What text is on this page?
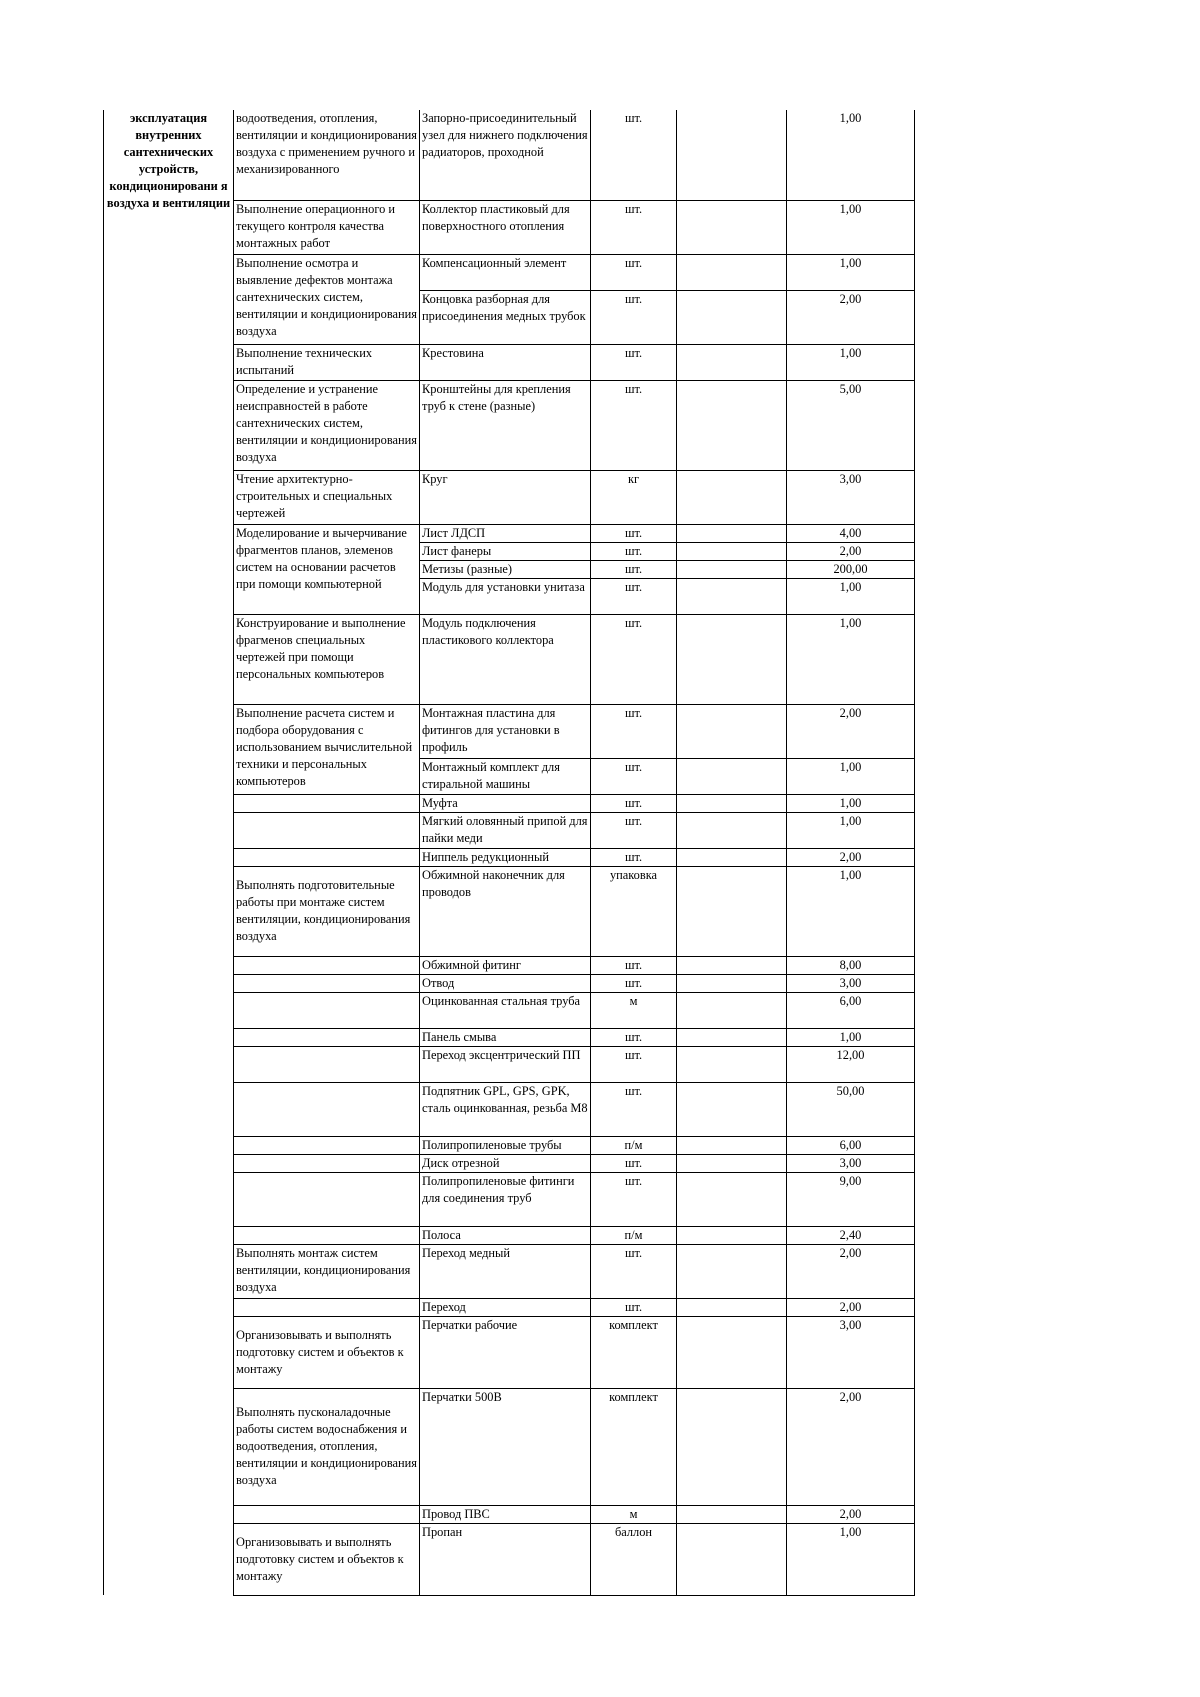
эксплуатация внутренних сантехнических устройств, кондиционировани я воздуха и вентиляции	водоотведения, отопления, вентиляции и кондиционирования воздуха с применением ручного и механизированного	Запорно-присоединительный узел для нижнего подключения радиаторов, проходной	шт.		1,00
	Выполнение операционного и текущего контроля качества монтажных работ	Коллектор пластиковый для поверхностного отопления	шт.		1,00
	Выполнение осмотра и выявление дефектов монтажа сантехнических систем, вентиляции и кондиционирования воздуха	Компенсационный элемент	шт.		1,00
		Концовка разборная для присоединения медных трубок	шт.		2,00
	Выполнение технических испытаний	Крестовина	шт.		1,00
	Определение и устранение неисправностей в работе сантехнических систем, вентиляции и кондиционирования воздуха	Кронштейны для крепления труб к стене (разные)	шт.		5,00
	Чтение архитектурно-строительных и специальных чертежей	Круг	кг		3,00
	Моделирование и вычерчивание фрагментов планов, элеменов систем на основании расчетов при помощи компьютерной	Лист ЛДСП	шт.		4,00
		Лист фанеры	шт.		2,00
		Метизы (разные)	шт.		200,00
		Модуль для установки унитаза	шт.		1,00
	Конструирование и выполнение фрагменов специальных чертежей при помощи персональных компьютеров	Модуль подключения пластикового коллектора	шт.		1,00
	Выполнение расчета систем и подбора оборудования с использованием вычислительной техники и персональных компьютеров	Монтажная пластина для фитингов для установки в профиль	шт.		2,00
		Монтажный комплект для стиральной машины	шт.		1,00
		Муфта	шт.		1,00
		Мягкий оловянный припой для пайки меди	шт.		1,00
		Ниппель редукционный	шт.		2,00
	Выполнять подготовительные работы при монтаже систем вентиляции, кондиционирования воздуха	Обжимной наконечник для проводов	упаковка		1,00
		Обжимной фитинг	шт.		8,00
		Отвод	шт.		3,00
		Оцинкованная стальная труба	м		6,00
		Панель смыва	шт.		1,00
		Переход эксцентрический ПП	шт.		12,00
		Подпятник GPL, GPS, GPK, сталь оцинкованная, резьба M8	шт.		50,00
		Полипропиленовые трубы	п/м		6,00
		Диск отрезной	шт.		3,00
		Полипропиленовые фитинги для соединения труб	шт.		9,00
		Полоса	п/м		2,40
	Выполнять монтаж систем вентиляции, кондиционирования воздуха	Переход медный	шт.		2,00
		Переход	шт.		2,00
	Организовывать и выполнять подготовку систем и объектов к монтажу	Перчатки рабочие	комплект		3,00
	Выполнять пусконаладочные работы систем водоснабжения и водоотведения, отопления, вентиляции и кондиционирования воздуха	Перчатки 500В	комплект		2,00
		Провод ПВС	м		2,00
	Организовывать и выполнять подготовку систем и объектов к монтажу	Пропан	баллон		1,00
